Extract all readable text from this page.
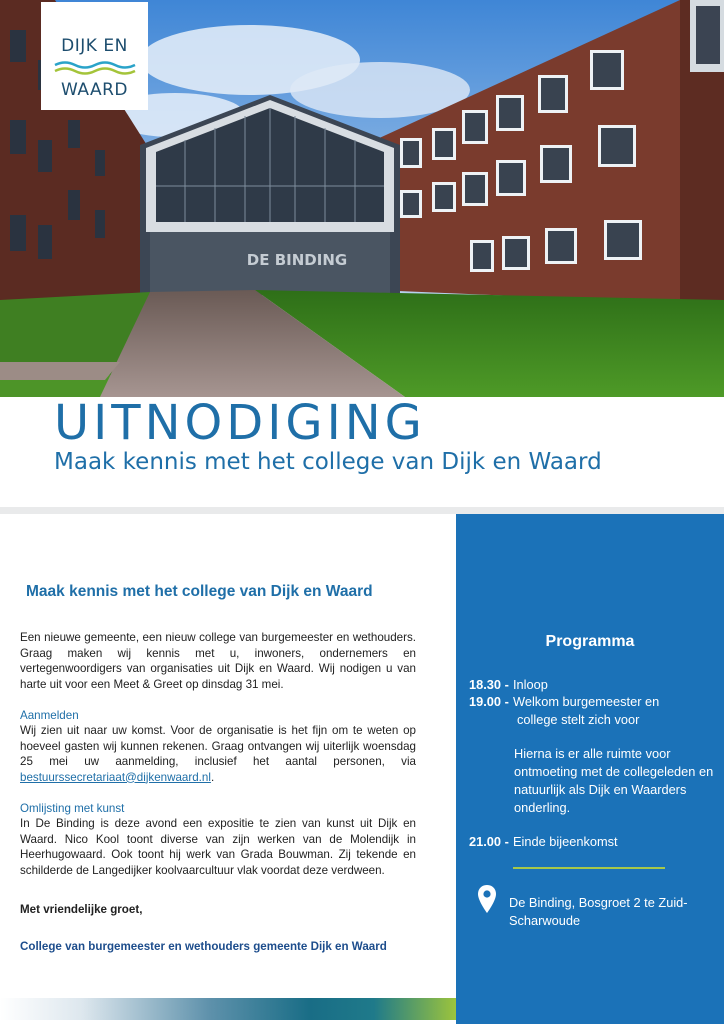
DE BINDING
DIJK EN
WAARD
UITNODIGING
Maak kennis met het college van Dijk en Waard
Maak kennis met het college van Dijk en Waard
Een nieuwe gemeente, een nieuw college van burgemeester en wethouders. Graag maken wij kennis met u, inwoners, ondernemers en vertegenwoordigers van organisaties uit Dijk en Waard. Wij nodigen u van harte uit voor een Meet & Greet op dinsdag 31 mei.
Aanmelden
Wij zien uit naar uw komst. Voor de organisatie is het fijn om te weten op hoeveel gasten wij kunnen rekenen. Graag ontvangen wij uiterlijk woensdag 25 mei uw aanmelding, inclusief het aantal personen, via bestuurssecretariaat@dijkenwaard.nl.
Omlijsting met kunst
In De Binding is deze avond een expositie te zien van kunst uit Dijk en Waard. Nico Kool toont diverse van zijn werken van de Molendijk in Heerhugowaard. Ook toont hij werk van Grada Bouwman. Zij tekende en schilderde de Langedijker koolvaarcultuur vlak voordat deze verdween.
Met vriendelijke groet,
College van burgemeester en wethouders gemeente Dijk en Waard
Programma
18.30 - Inloop
19.00 - Welkom burgemeester en
college stelt zich voor
Hierna is er alle ruimte voor ontmoeting met de collegeleden en natuurlijk als Dijk en Waarders onderling.
21.00 - Einde bijeenkomst
De Binding, Bosgroet 2 te Zuid-Scharwoude
